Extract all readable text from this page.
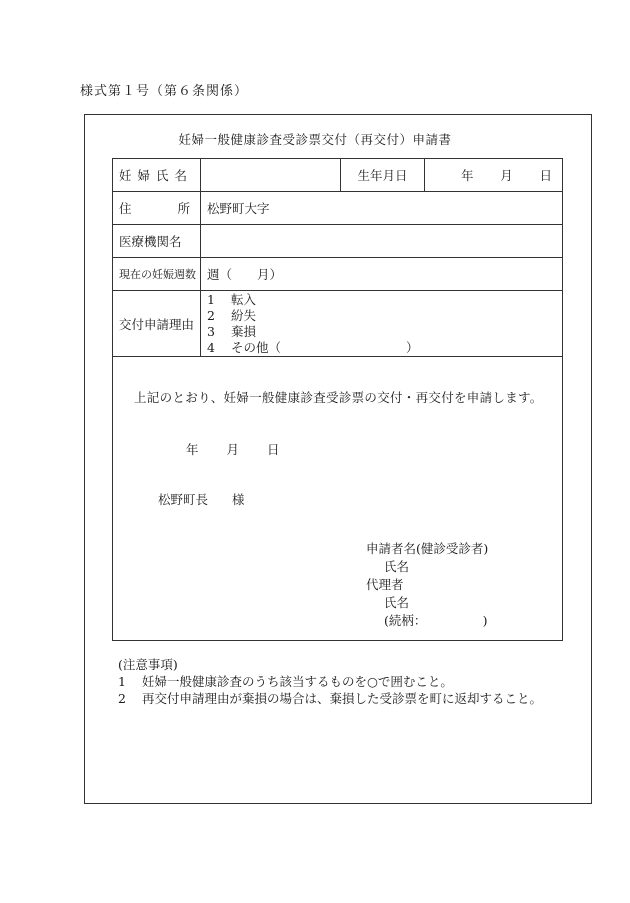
様式第１号（第６条関係）
妊婦一般健康診査受診票交付（再交付）申請書
妊婦氏名		生年月日	年 月 日

住 所	松野町大字		
医療機関名			
現在の妊娠週数	週（　　月）		
交付申請理由	1 転入
2 紛失
3 棄損
4 その他（　　　　　　　　　　）		

上記のとおり、妊婦一般健康診査受診票の交付・再交付を申請します。
年 月 日
松野町長 様
申請者名(健診受診者)
氏名
代理者
氏名
(続柄：　　　　　)
(注意事項)
1 妊婦一般健康診査のうち該当するものを○で囲むこと。
2 再交付申請理由が棄損の場合は、棄損した受診票を町に返却すること。
